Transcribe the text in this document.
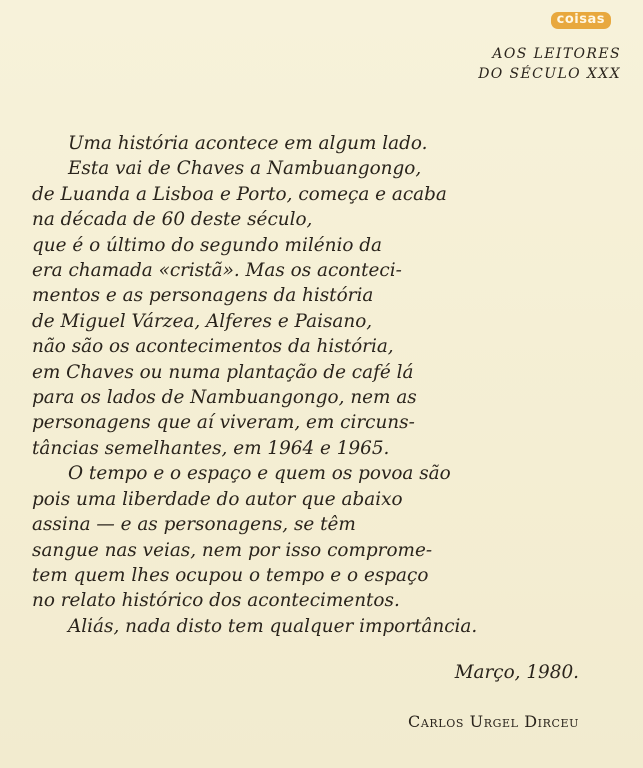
coisas
AOS LEITORES
DO SÉCULO XXX
Uma história acontece em algum lado.
Esta vai de Chaves a Nambuangongo,
de Luanda a Lisboa e Porto, começa e acaba
na década de 60 deste século,
que é o último do segundo milénio da
era chamada «cristã». Mas os aconteci-
mentos e as personagens da história
de Miguel Várzea, Alferes e Paisano,
não são os acontecimentos da história,
em Chaves ou numa plantação de café lá
para os lados de Nambuangongo, nem as
personagens que aí viveram, em circuns-
tâncias semelhantes, em 1964 e 1965.
O tempo e o espaço e quem os povoa são
pois uma liberdade do autor que abaixo
assina — e as personagens, se têm
sangue nas veias, nem por isso comprome-
tem quem lhes ocupou o tempo e o espaço
no relato histórico dos acontecimentos.
Aliás, nada disto tem qualquer importância.
Março, 1980.
Carlos Urgel Dirceu
